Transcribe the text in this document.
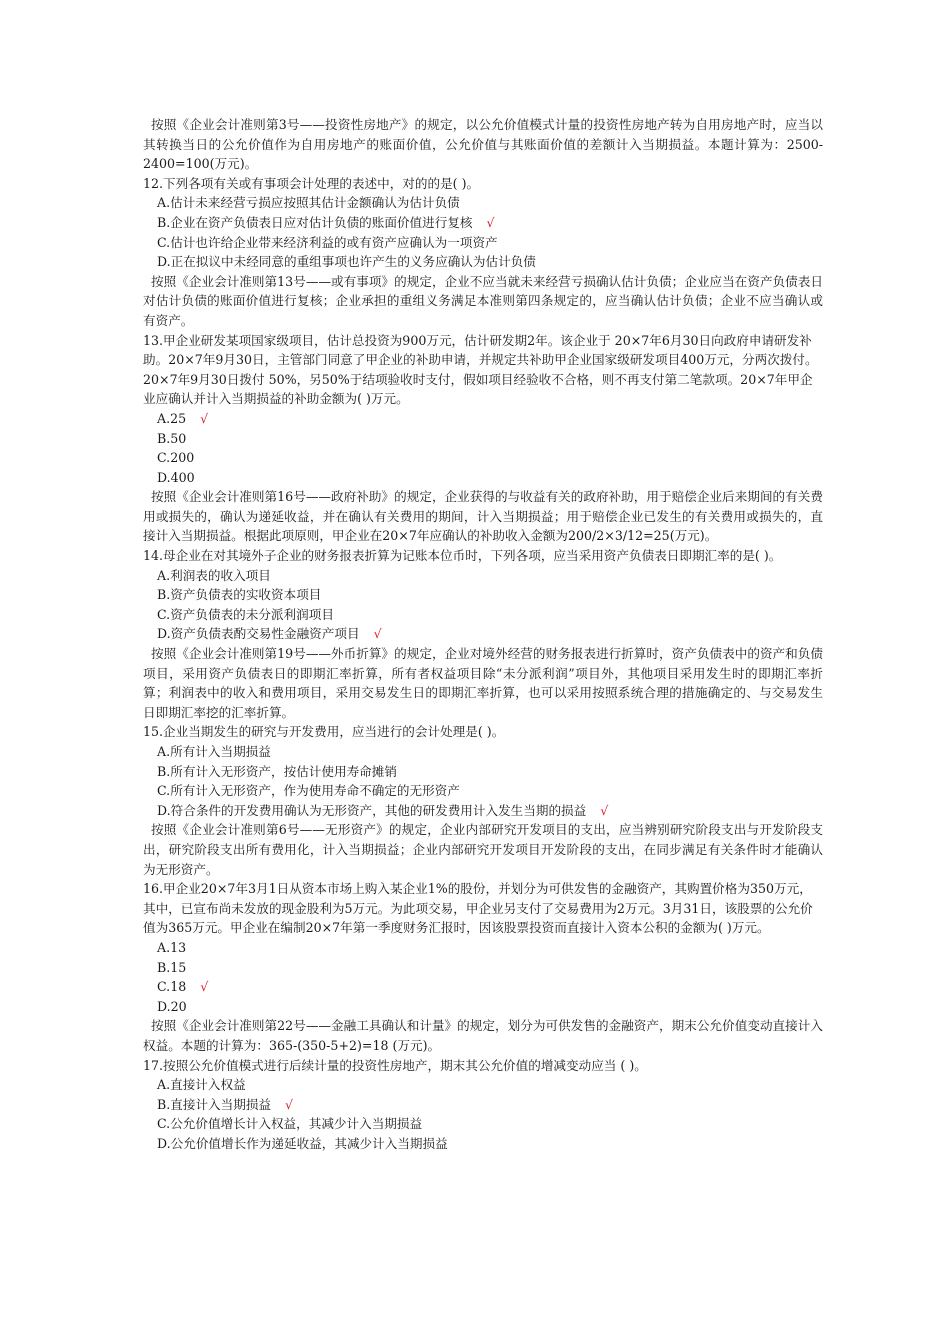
按照《企业会计准则第3号——投资性房地产》的规定，以公允价值模式计量的投资性房地产转为自用房地产时，应当以其转换当日的公允价值作为自用房地产的账面价值，公允价值与其账面价值的差额计入当期损益。本题计算为：2500-2400=100(万元)。

12.下列各项有关或有事项会计处理的表述中，对的的是( )。

A.估计未来经营亏损应按照其估计金额确认为估计负债

B.企业在资产负债表日应对估计负债的账面价值进行复核 √

C.估计也许给企业带来经济利益的或有资产应确认为一项资产

D.正在拟议中未经同意的重组事项也许产生的义务应确认为估计负债

按照《企业会计准则第13号——或有事项》的规定，企业不应当就未来经营亏损确认估计负债；企业应当在资产负债表日对估计负债的账面价值进行复核；企业承担的重组义务满足本准则第四条规定的，应当确认估计负债；企业不应当确认或有资产。

13.甲企业研发某项国家级项目，估计总投资为900万元，估计研发期2年。该企业于 20×7年6月30日向政府申请研发补助。20×7年9月30日，主管部门同意了甲企业的补助申请，并规定共补助甲企业国家级研发项目400万元，分两次拨付。20×7年9月30日拨付 50%，另50%于结项验收时支付，假如项目经验收不合格，则不再支付第二笔款项。20×7年甲企业应确认并计入当期损益的补助金额为( )万元。

A.25 √

B.50

C.200

D.400

按照《企业会计准则第16号——政府补助》的规定，企业获得的与收益有关的政府补助，用于赔偿企业后来期间的有关费用或损失的，确认为递延收益，并在确认有关费用的期间，计入当期损益；用于赔偿企业已发生的有关费用或损失的，直接计入当期损益。根据此项原则，甲企业在20×7年应确认的补助收入金额为200/2×3/12=25(万元)。

14.母企业在对其境外子企业的财务报表折算为记账本位币时，下列各项，应当采用资产负债表日即期汇率的是( )。

A.利润表的收入项目

B.资产负债表的实收资本项目

C.资产负债表的未分派利润项目

D.资产负债表酌交易性金融资产项目 √

按照《企业会计准则第19号——外币折算》的规定，企业对境外经营的财务报表进行折算时，资产负债表中的资产和负债项目，采用资产负债表日的即期汇率折算，所有者权益项目除“未分派利润”项目外，其他项目采用发生时的即期汇率折算；利润表中的收入和费用项目，采用交易发生日的即期汇率折算，也可以采用按照系统合理的措施确定的、与交易发生日即期汇率挖的汇率折算。

15.企业当期发生的研究与开发费用，应当进行的会计处理是( )。

A.所有计入当期损益

B.所有计入无形资产，按估计使用寿命摊销

C.所有计入无形资产，作为使用寿命不确定的无形资产

D.符合条件的开发费用确认为无形资产，其他的研发费用计入发生当期的损益 √

按照《企业会计准则第6号——无形资产》的规定，企业内部研究开发项目的支出，应当辨别研究阶段支出与开发阶段支出，研究阶段支出所有费用化，计入当期损益；企业内部研究开发项目开发阶段的支出，在同步满足有关条件时才能确认为无形资产。

16.甲企业20×7年3月1日从资本市场上购入某企业1%的股份，并划分为可供发售的金融资产，其购置价格为350万元，其中，已宣布尚未发放的现金股利为5万元。为此项交易，甲企业另支付了交易费用为2万元。3月31日，该股票的公允价值为365万元。甲企业在编制20×7年第一季度财务汇报时，因该股票投资而直接计入资本公积的金额为( )万元。

A.13

B.15

C.18 √

D.20

按照《企业会计准则第22号——金融工具确认和计量》的规定，划分为可供发售的金融资产，期末公允价值变动直接计入权益。本题的计算为：365-(350-5+2)=18 (万元)。

17.按照公允价值模式进行后续计量的投资性房地产，期末其公允价值的增减变动应当 ( )。

A.直接计入权益

B.直接计入当期损益 √

C.公允价值增长计入权益，其减少计入当期损益

D.公允价值增长作为递延收益，其减少计入当期损益
